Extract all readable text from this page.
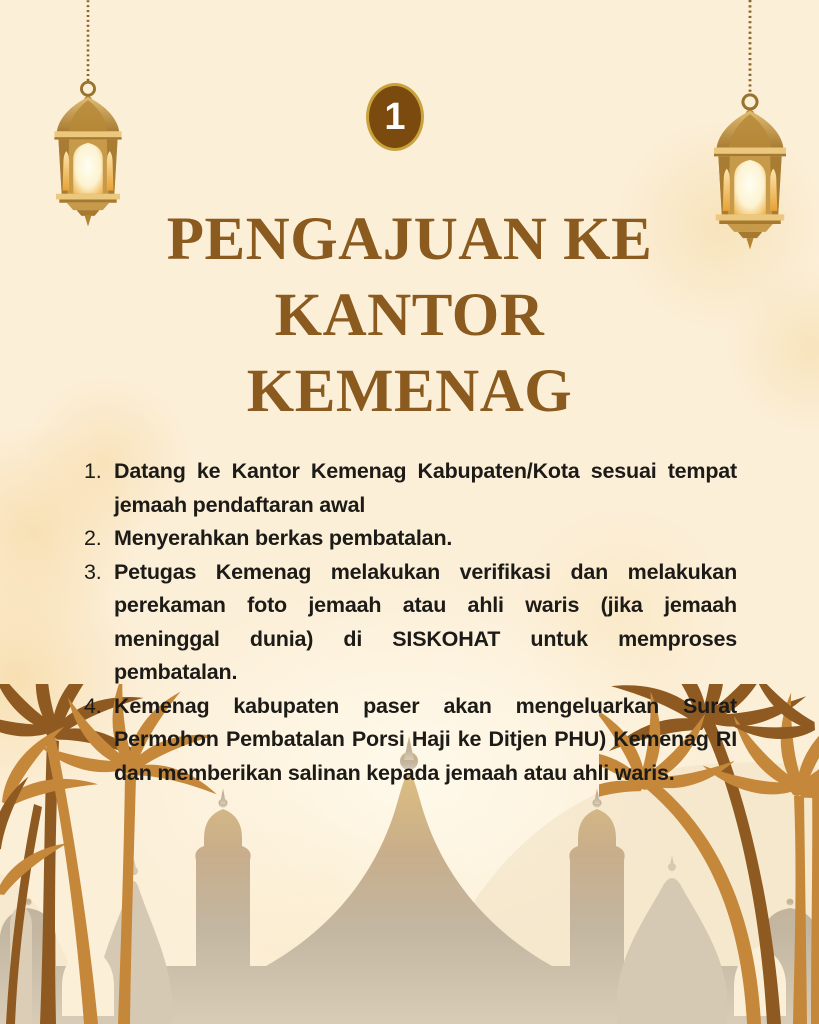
1
PENGAJUAN KE
KANTOR
KEMENAG
1. Datang ke Kantor Kemenag Kabupaten/Kota sesuai tempat jemaah pendaftaran awal

2. Menyerahkan berkas pembatalan.

3. Petugas Kemenag melakukan verifikasi dan melakukan perekaman foto jemaah atau ahli waris (jika jemaah meninggal dunia) di SISKOHAT untuk memproses pembatalan.

4. Kemenag kabupaten paser akan mengeluarkan Surat Permohon Pembatalan Porsi Haji ke Ditjen PHU) Kemenag RI dan memberikan salinan kepada jemaah atau ahli waris.
